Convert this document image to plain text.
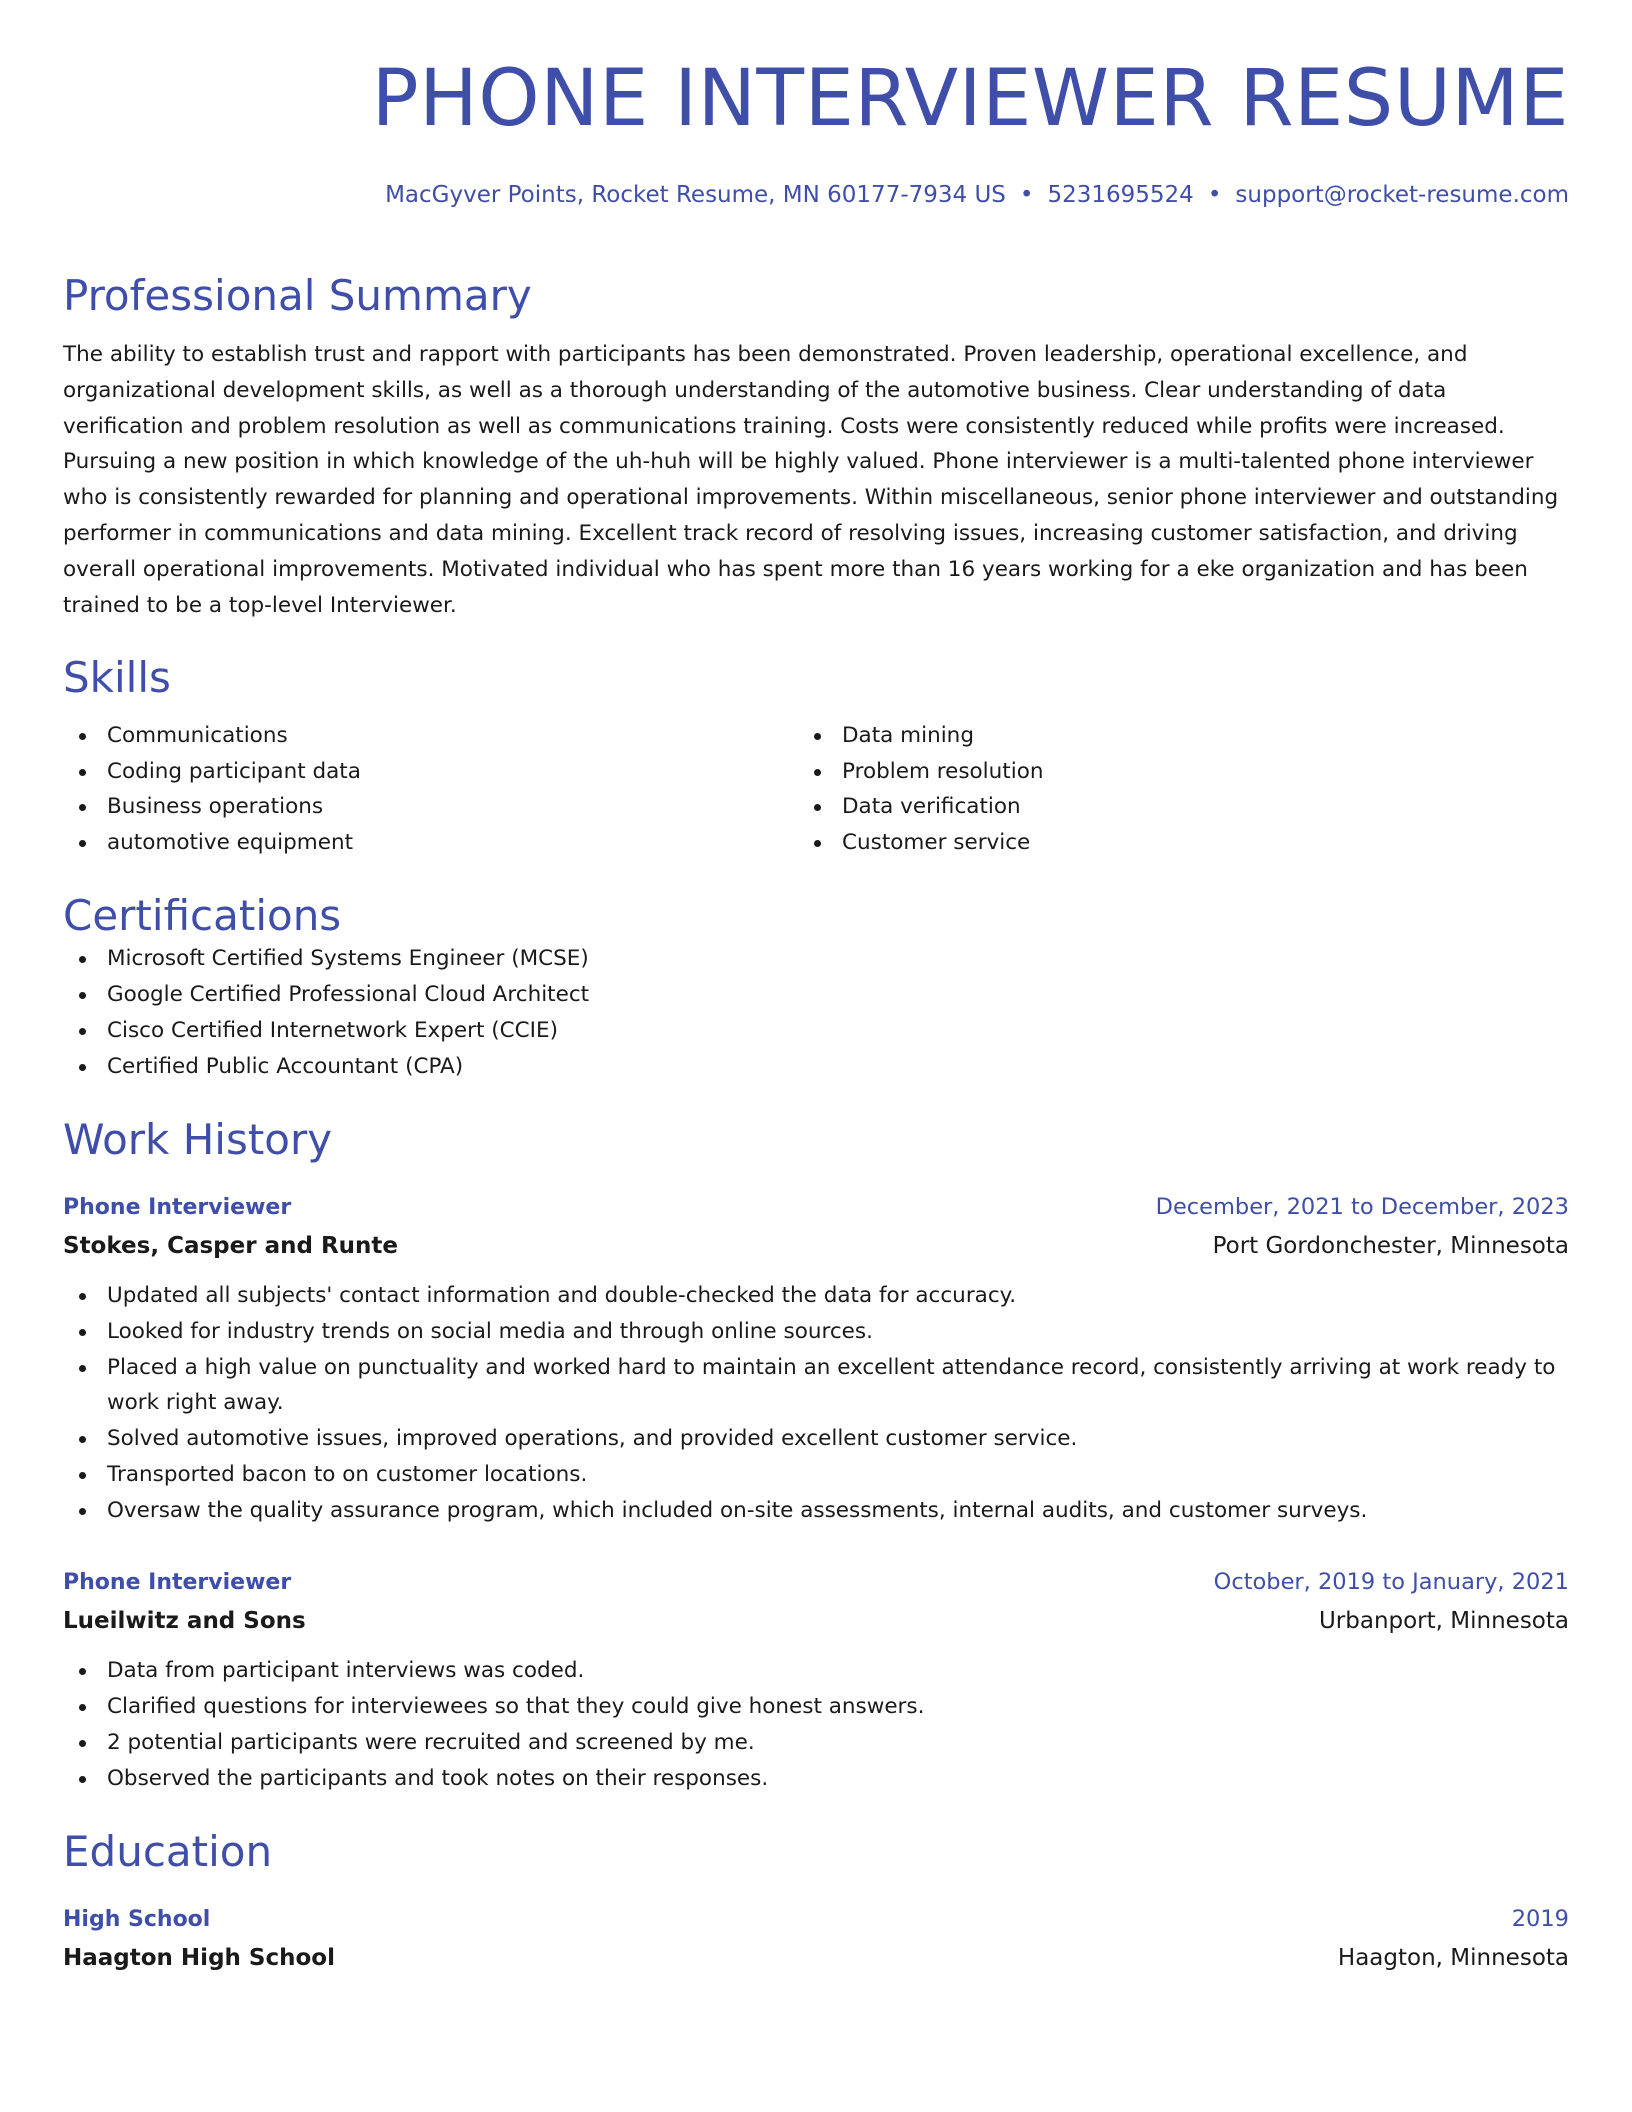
PHONE INTERVIEWER RESUME
MacGyver Points, Rocket Resume, MN 60177-7934 US • 5231695524 • support@rocket-resume.com
Professional Summary

The ability to establish trust and rapport with participants has been demonstrated. Proven leadership, operational excellence, and organizational development skills, as well as a thorough understanding of the automotive business. Clear understanding of data verification and problem resolution as well as communications training. Costs were consistently reduced while profits were increased. Pursuing a new position in which knowledge of the uh-huh will be highly valued. Phone interviewer is a multi-talented phone interviewer who is consistently rewarded for planning and operational improvements. Within miscellaneous, senior phone interviewer and outstanding performer in communications and data mining. Excellent track record of resolving issues, increasing customer satisfaction, and driving overall operational improvements. Motivated individual who has spent more than 16 years working for a eke organization and has been trained to be a top-level Interviewer.

Skills
Communications
Coding participant data
Business operations
automotive equipment
Data mining
Problem resolution
Data verification
Customer service
Certifications
Microsoft Certified Systems Engineer (MCSE)
Google Certified Professional Cloud Architect
Cisco Certified Internetwork Expert (CCIE)
Certified Public Accountant (CPA)
Work History
Phone Interviewer	December, 2021 to December, 2023
Stokes, Casper and Runte	Port Gordonchester, Minnesota
Updated all subjects' contact information and double-checked the data for accuracy.
Looked for industry trends on social media and through online sources.
Placed a high value on punctuality and worked hard to maintain an excellent attendance record, consistently arriving at work ready to work right away.
Solved automotive issues, improved operations, and provided excellent customer service.
Transported bacon to on customer locations.
Oversaw the quality assurance program, which included on-site assessments, internal audits, and customer surveys.
Phone Interviewer	October, 2019 to January, 2021
Lueilwitz and Sons	Urbanport, Minnesota
Data from participant interviews was coded.
Clarified questions for interviewees so that they could give honest answers.
2 potential participants were recruited and screened by me.
Observed the participants and took notes on their responses.
Education
High School	2019
Haagton High School	Haagton, Minnesota
